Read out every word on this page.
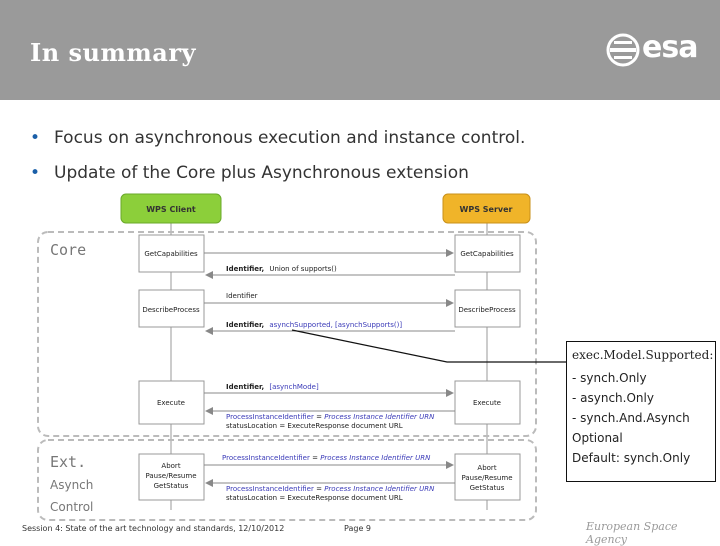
In summary	esa
• Focus on asynchronous execution and instance control.
• Update of the Core plus Asynchronous extension
WPS Client	WPS Server
GetCapabilities	GetCapabilities
Identifier, Union of supports()
DescribeProcess	DescribeProcess
Identifier
Identifier, asynchSupported, [asynchSupports()]
Execute	Execute
Identifier, [asynchMode]
ProcessInstanceIdentifier = Process Instance Identifier URN
statusLocation = ExecuteResponse document URL
Abort
Pause/Resume
GetStatus
Abort
Pause/Resume
GetStatus
ProcessInstanceIdentifier = Process Instance Identifier URN
ProcessInstanceIdentifier = Process Instance Identifier URN
statusLocation = ExecuteResponse document URL
Core
Ext.
Asynch
Control
exec.Model.Supported:
- synch.Only
- asynch.Only
- synch.And.Asynch
Optional
Default: synch.Only
Session 4: State of the art technology and standards, 12/10/2012	Page 9	European Space Agency
